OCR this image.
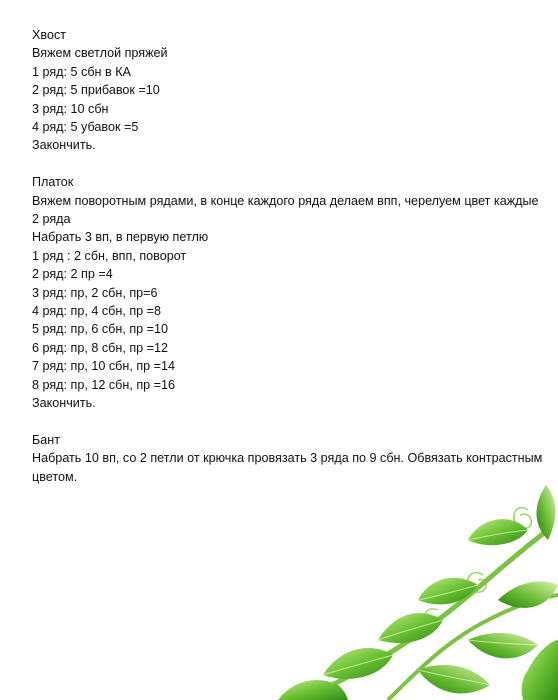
Хвост
Вяжем светлой пряжей
1 ряд: 5 сбн в КА
2 ряд: 5 прибавок =10
3 ряд: 10 сбн
4 ряд: 5 убавок =5
Закончить.
Платок
Вяжем поворотным рядами, в конце каждого ряда делаем впп, черелуем цвет каждые
2 ряда
Набрать 3 вп, в первую петлю
1 ряд : 2 сбн, впп, поворот
2 ряд: 2 пр =4
3 ряд: пр, 2 сбн, пр=6
4 ряд: пр, 4 сбн, пр =8
5 ряд: пр, 6 сбн, пр =10
6 ряд: пр, 8 сбн, пр =12
7 ряд: пр, 10 сбн, пр =14
8 ряд: пр, 12 сбн, пр =16
Закончить.
Бант
Набрать 10 вп, со 2 петли от крючка провязать 3 ряда по 9 сбн. Обвязать контрастным
цветом.
